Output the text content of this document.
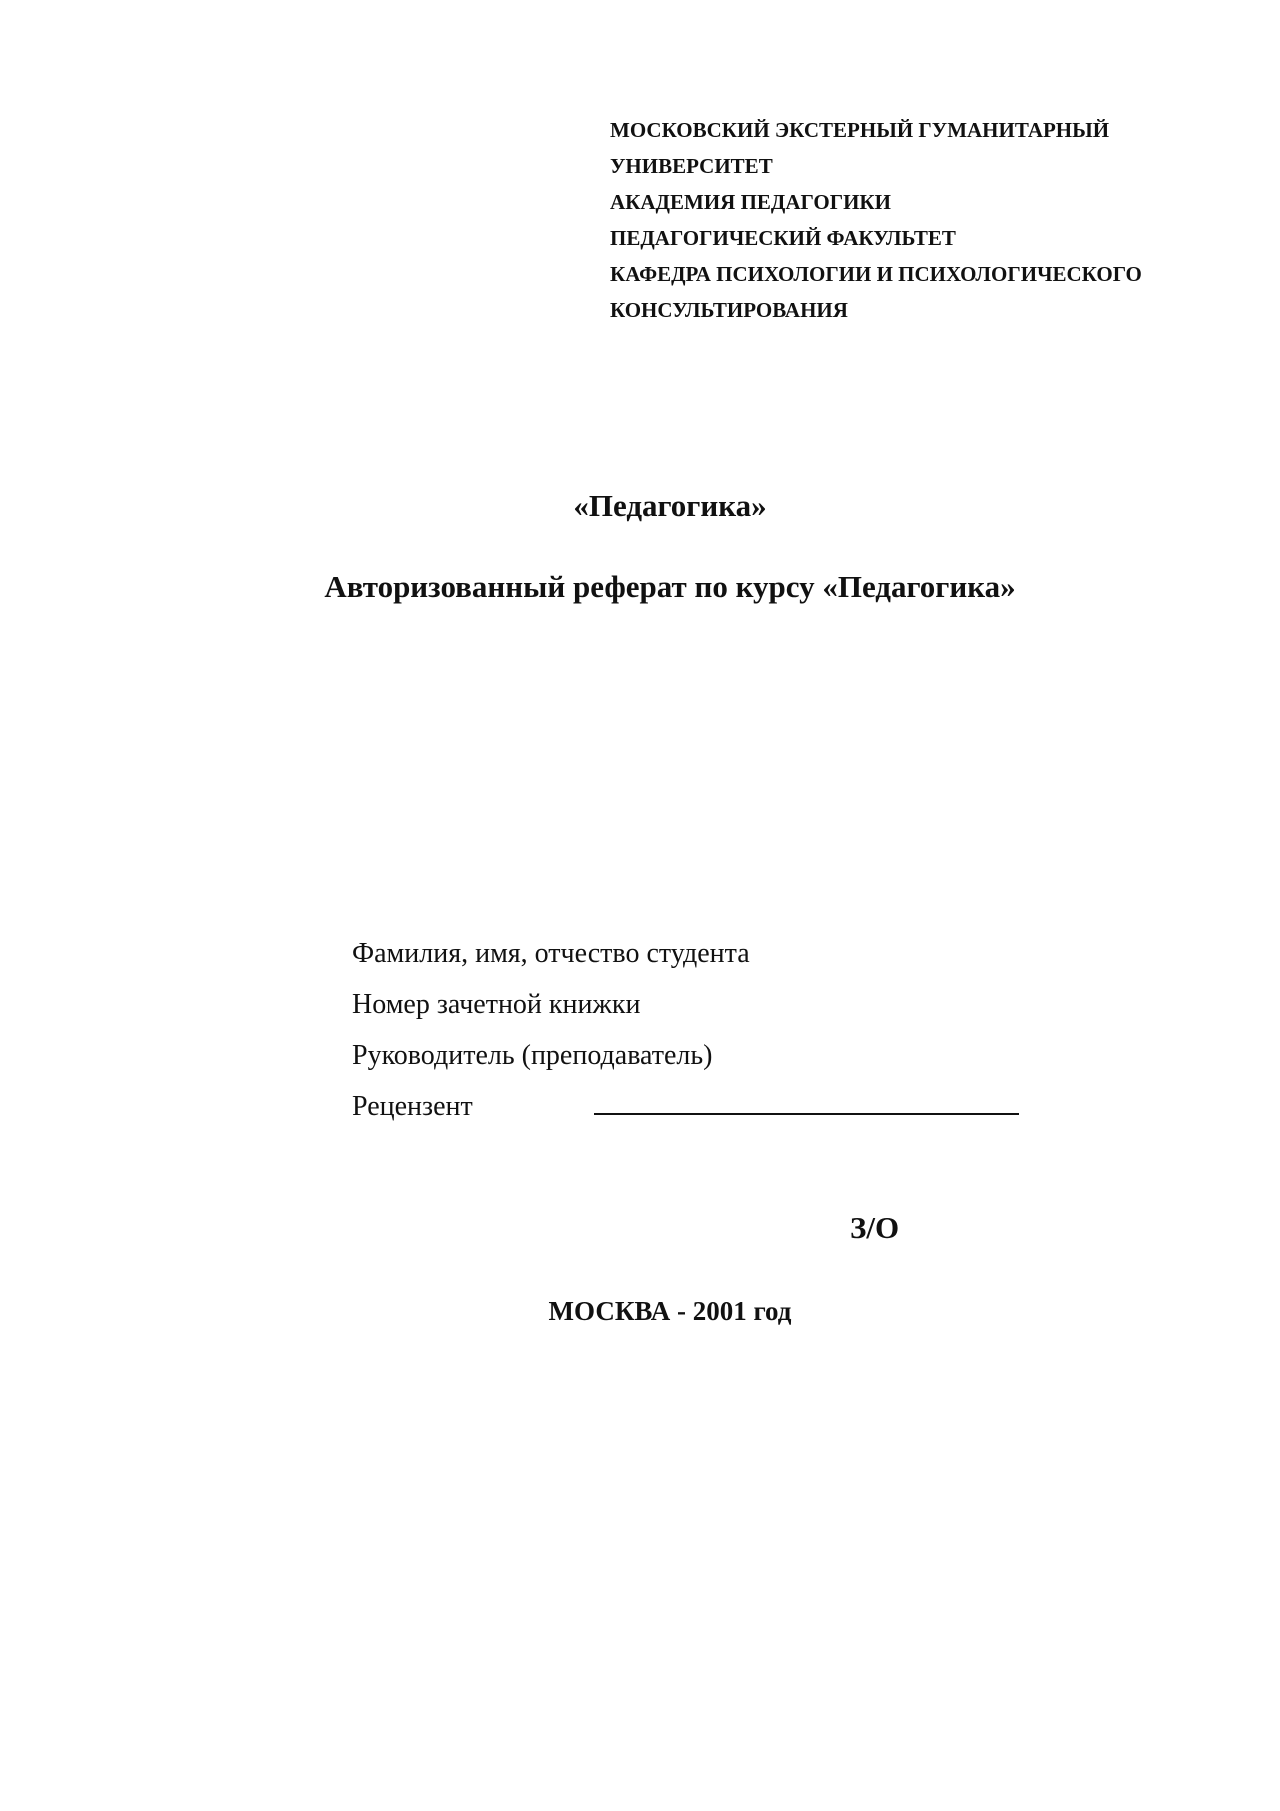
МОСКОВСКИЙ ЭКСТЕРНЫЙ ГУМАНИТАРНЫЙ
УНИВЕРСИТЕТ
АКАДЕМИЯ ПЕДАГОГИКИ
ПЕДАГОГИЧЕСКИЙ ФАКУЛЬТЕТ
КАФЕДРА ПСИХОЛОГИИ И ПСИХОЛОГИЧЕСКОГО
КОНСУЛЬТИРОВАНИЯ
«Педагогика»
Авторизованный реферат по курсу «Педагогика»
Фамилия, имя, отчество студента
Номер зачетной книжки
Руководитель (преподаватель)
Рецензент
З/О
МОСКВА - 2001 год
